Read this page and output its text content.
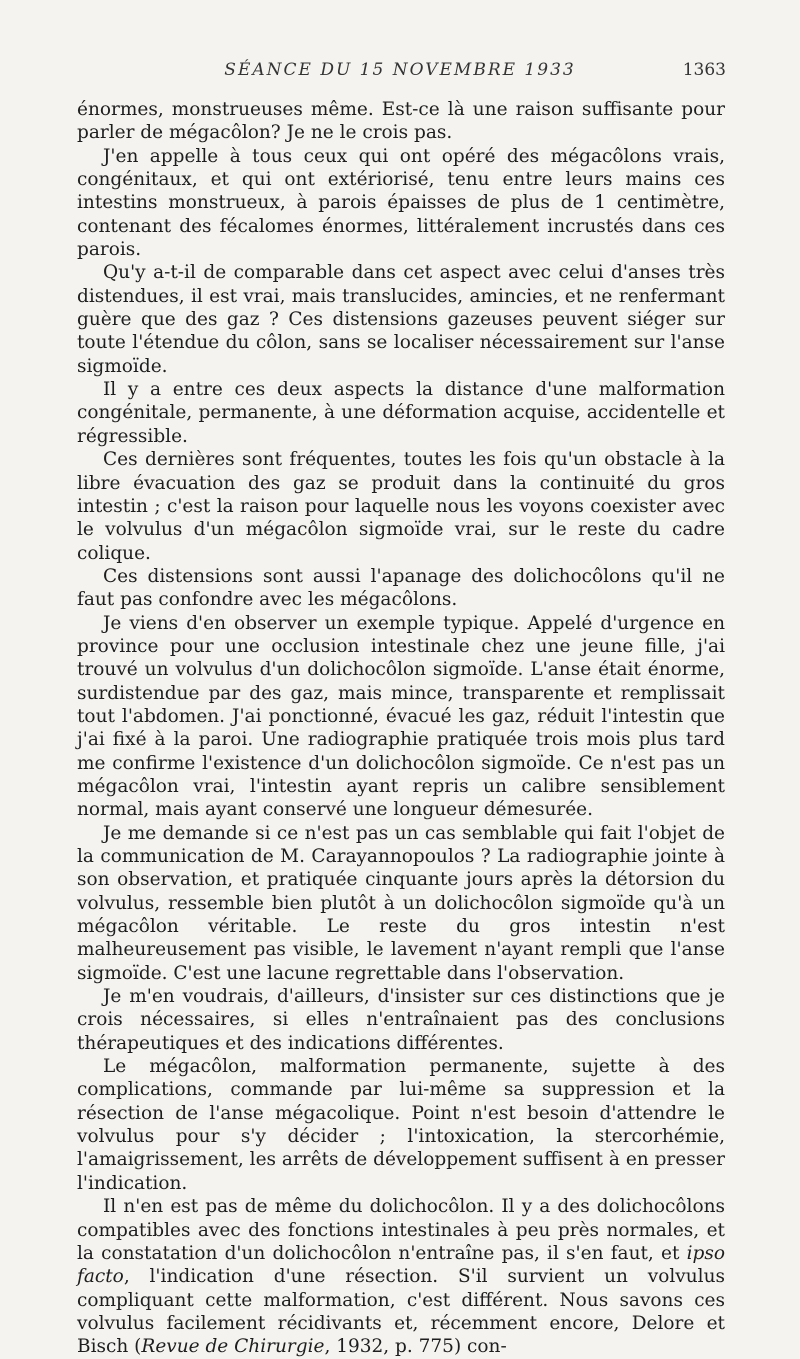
SÉANCE DU 15 NOVEMBRE 1933	1363

énormes, monstrueuses même. Est-ce là une raison suffisante pour parler de mégacôlon? Je ne le crois pas.

J'en appelle à tous ceux qui ont opéré des mégacôlons vrais, congénitaux, et qui ont extériorisé, tenu entre leurs mains ces intestins monstrueux, à parois épaisses de plus de 1 centimètre, contenant des fécalomes énormes, littéralement incrustés dans ces parois.

Qu'y a-t-il de comparable dans cet aspect avec celui d'anses très distendues, il est vrai, mais translucides, amincies, et ne renfermant guère que des gaz ? Ces distensions gazeuses peuvent siéger sur toute l'étendue du côlon, sans se localiser nécessairement sur l'anse sigmoïde.

Il y a entre ces deux aspects la distance d'une malformation congénitale, permanente, à une déformation acquise, accidentelle et régressible.

Ces dernières sont fréquentes, toutes les fois qu'un obstacle à la libre évacuation des gaz se produit dans la continuité du gros intestin ; c'est la raison pour laquelle nous les voyons coexister avec le volvulus d'un mégacôlon sigmoïde vrai, sur le reste du cadre colique.

Ces distensions sont aussi l'apanage des dolichocôlons qu'il ne faut pas confondre avec les mégacôlons.

Je viens d'en observer un exemple typique. Appelé d'urgence en province pour une occlusion intestinale chez une jeune fille, j'ai trouvé un volvulus d'un dolichocôlon sigmoïde. L'anse était énorme, surdistendue par des gaz, mais mince, transparente et remplissait tout l'abdomen. J'ai ponctionné, évacué les gaz, réduit l'intestin que j'ai fixé à la paroi. Une radiographie pratiquée trois mois plus tard me confirme l'existence d'un dolichocôlon sigmoïde. Ce n'est pas un mégacôlon vrai, l'intestin ayant repris un calibre sensiblement normal, mais ayant conservé une longueur démesurée.

Je me demande si ce n'est pas un cas semblable qui fait l'objet de la communication de M. Carayannopoulos ? La radiographie jointe à son observation, et pratiquée cinquante jours après la détorsion du volvulus, ressemble bien plutôt à un dolichocôlon sigmoïde qu'à un mégacôlon véritable. Le reste du gros intestin n'est malheureusement pas visible, le lavement n'ayant rempli que l'anse sigmoïde. C'est une lacune regrettable dans l'observation.

Je m'en voudrais, d'ailleurs, d'insister sur ces distinctions que je crois nécessaires, si elles n'entraînaient pas des conclusions thérapeutiques et des indications différentes.

Le mégacôlon, malformation permanente, sujette à des complications, commande par lui-même sa suppression et la résection de l'anse mégacolique. Point n'est besoin d'attendre le volvulus pour s'y décider ; l'intoxication, la stercorhémie, l'amaigrissement, les arrêts de développement suffisent à en presser l'indication.

Il n'en est pas de même du dolichocôlon. Il y a des dolichocôlons compatibles avec des fonctions intestinales à peu près normales, et la constatation d'un dolichocôlon n'entraîne pas, il s'en faut, et ipso facto, l'indication d'une résection. S'il survient un volvulus compliquant cette malformation, c'est différent. Nous savons ces volvulus facilement récidivants et, récemment encore, Delore et Bisch (Revue de Chirurgie, 1932, p. 775) con-
